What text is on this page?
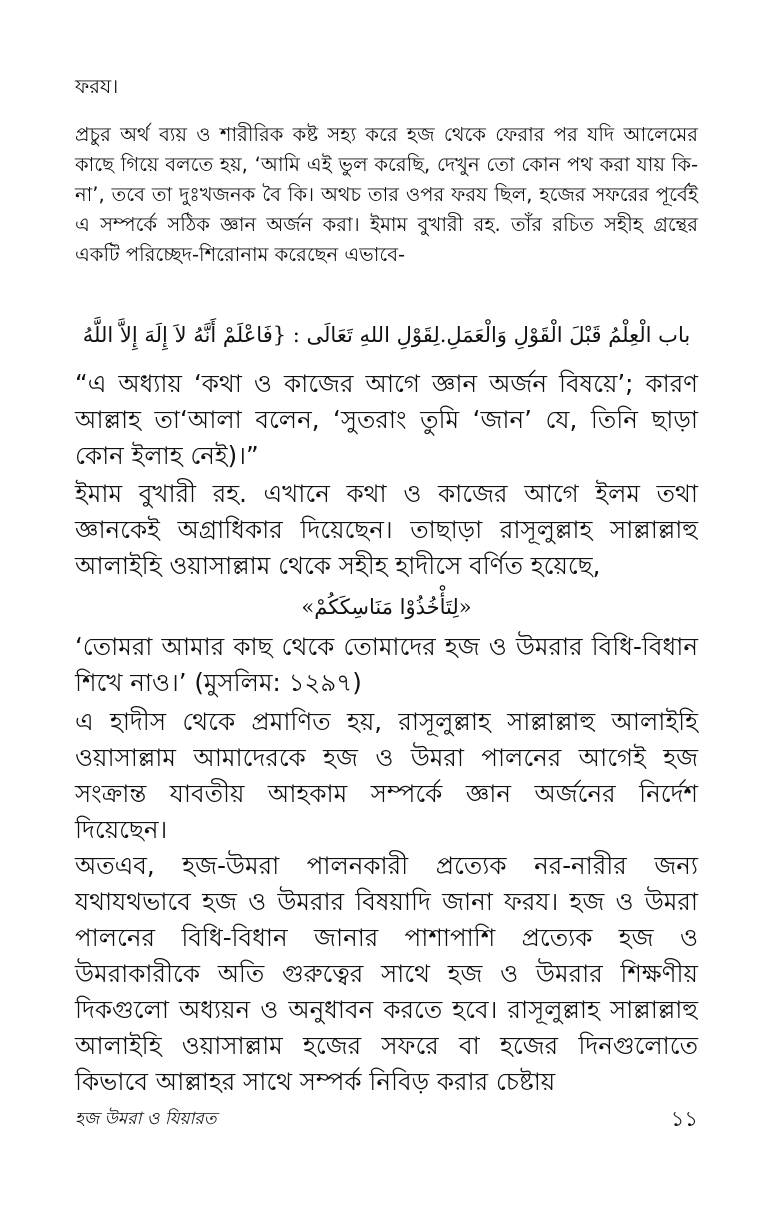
ফরয।
প্রচুর অর্থ ব্যয় ও শারীরিক কষ্ট সহ্য করে হজ থেকে ফেরার পর যদি আলেমের কাছে গিয়ে বলতে হয়, ‘আমি এই ভুল করেছি, দেখুন তো কোন পথ করা যায় কি-না’, তবে তা দুঃখজনক বৈ কি। অথচ তার ওপর ফরয ছিল, হজের সফরের পূর্বেই এ সম্পর্কে সঠিক জ্ঞান অর্জন করা। ইমাম বুখারী রহ. তাঁর রচিত সহীহ গ্রন্থের একটি পরিচ্ছেদ-শিরোনাম করেছেন এভাবে-
باب الْعِلْمُ قَبْلَ الْقَوْلِ وَالْعَمَلِ.لِقَوْلِ اللهِ تَعَالَى : {فَاعْلَمْ أَنَّهُ لاَ إِلَهَ إِلاَّ اللَّهُ
“এ অধ্যায় ‘কথা ও কাজের আগে জ্ঞান অর্জন বিষয়ে’; কারণ আল্লাহ তা‘আলা বলেন, ‘সুতরাং তুমি ‘জান’ যে, তিনি ছাড়া কোন ইলাহ নেই)।”
ইমাম বুখারী রহ. এখানে কথা ও কাজের আগে ইলম তথা জ্ঞানকেই অগ্রাধিকার দিয়েছেন। তাছাড়া রাসূলুল্লাহ সাল্লাল্লাহু আলাইহি ওয়াসাল্লাম থেকে সহীহ হাদীসে বর্ণিত হয়েছে,
«لِتَأْخُذُوْا مَنَاسِكَكُمْ»
‘তোমরা আমার কাছ থেকে তোমাদের হজ ও উমরার বিধি-বিধান শিখে নাও।’ (মুসলিম: ১২৯৭)
এ হাদীস থেকে প্রমাণিত হয়, রাসূলুল্লাহ সাল্লাল্লাহু আলাইহি ওয়াসাল্লাম আমাদেরকে হজ ও উমরা পালনের আগেই হজ সংক্রান্ত যাবতীয় আহকাম সম্পর্কে জ্ঞান অর্জনের নির্দেশ দিয়েছেন।
অতএব, হজ-উমরা পালনকারী প্রত্যেক নর-নারীর জন্য যথাযথভাবে হজ ও উমরার বিষয়াদি জানা ফরয। হজ ও উমরা পালনের বিধি-বিধান জানার পাশাপাশি প্রত্যেক হজ ও উমরাকারীকে অতি গুরুত্বের সাথে হজ ও উমরার শিক্ষণীয় দিকগুলো অধ্যয়ন ও অনুধাবন করতে হবে। রাসূলুল্লাহ সাল্লাল্লাহু আলাইহি ওয়াসাল্লাম হজের সফরে বা হজের দিনগুলোতে কিভাবে আল্লাহর সাথে সম্পর্ক নিবিড় করার চেষ্টায়
হজ উমরা ও যিয়ারত	১১
